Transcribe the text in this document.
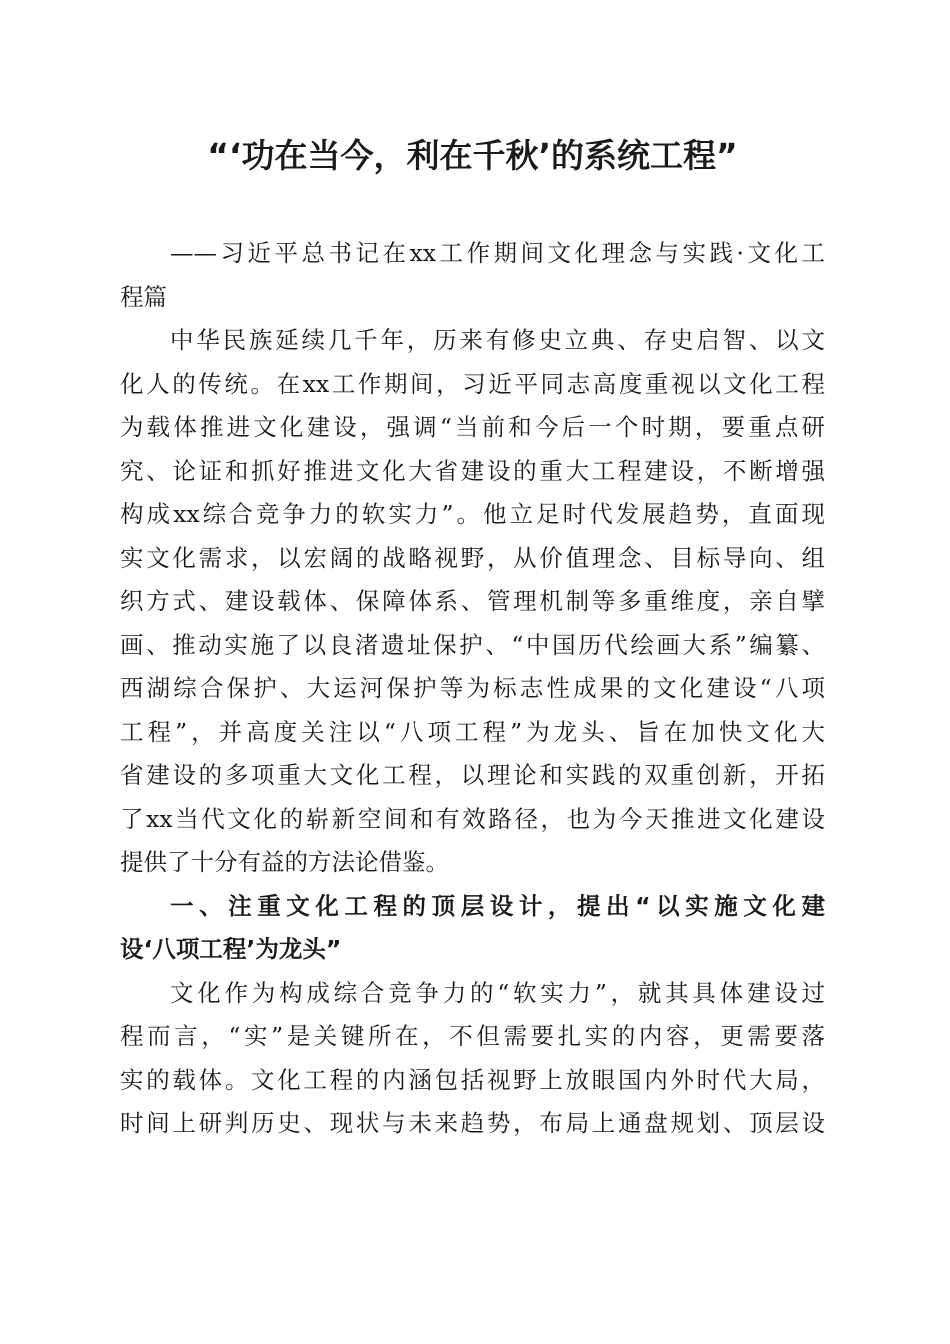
“‘功在当今，利在千秋’的系统工程”
——习近平总书记在xx工作期间文化理念与实践·文化工
程篇
中华民族延续几千年，历来有修史立典、存史启智、以文
化人的传统。在xx工作期间，习近平同志高度重视以文化工程
为载体推进文化建设，强调“当前和今后一个时期，要重点研
究、论证和抓好推进文化大省建设的重大工程建设，不断增强
构成xx综合竞争力的软实力”。他立足时代发展趋势，直面现
实文化需求，以宏阔的战略视野，从价值理念、目标导向、组
织方式、建设载体、保障体系、管理机制等多重维度，亲自擘
画、推动实施了以良渚遗址保护、“中国历代绘画大系”编纂、
西湖综合保护、大运河保护等为标志性成果的文化建设“八项
工程”，并高度关注以“八项工程”为龙头、旨在加快文化大
省建设的多项重大文化工程，以理论和实践的双重创新，开拓
了xx当代文化的崭新空间和有效路径，也为今天推进文化建设
提供了十分有益的方法论借鉴。
一、注重文化工程的顶层设计，提出“以实施文化建
设‘八项工程’为龙头”
文化作为构成综合竞争力的“软实力”，就其具体建设过
程而言，“实”是关键所在，不但需要扎实的内容，更需要落
实的载体。文化工程的内涵包括视野上放眼国内外时代大局，
时间上研判历史、现状与未来趋势，布局上通盘规划、顶层设
